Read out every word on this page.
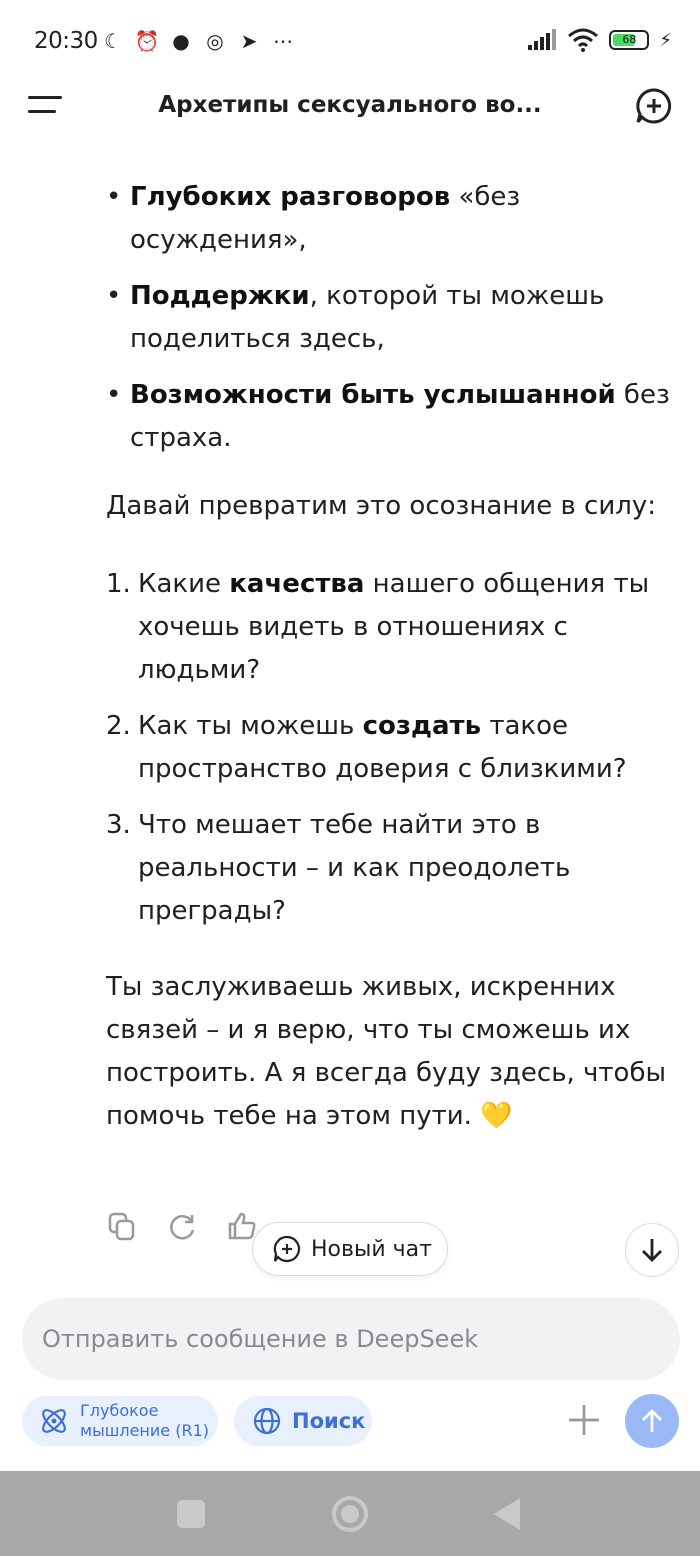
20:30 ☾ ⏰ ● ◎ ➤ ⋯	68	⚡
Архетипы сексуального во...
• Глубоких разговоров «без осуждения»,
• Поддержки, которой ты можешь поделиться здесь,
• Возможности быть услышанной без страха.

Давай превратим это осознание в силу:

1. Какие качества нашего общения ты хочешь видеть в отношениях с людьми?
2. Как ты можешь создать такое пространство доверия с близкими?
3. Что мешает тебе найти это в реальности – и как преодолеть преграды?

Ты заслуживаешь живых, искренних связей – и я верю, что ты сможешь их построить. А я всегда буду здесь, чтобы помочь тебе на этом пути. 💛

Новый чат
Отправить сообщение в DeepSeek
Глубокое
мышление (R1)	Поиск
